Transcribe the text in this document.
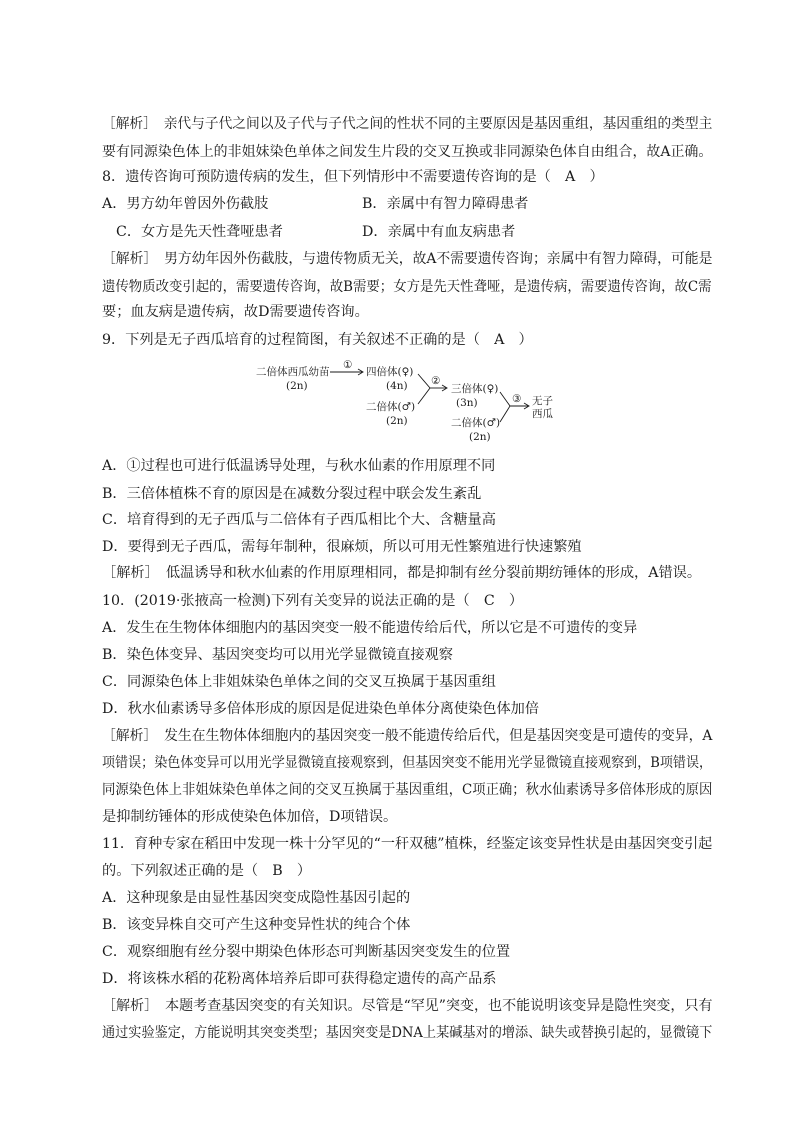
［解析］　亲代与子代之间以及子代与子代之间的性状不同的主要原因是基因重组，基因重组的类型主
要有同源染色体上的非姐妹染色单体之间发生片段的交叉互换或非同源染色体自由组合，故A正确。
8．遗传咨询可预防遗传病的发生，但下列情形中不需要遗传咨询的是（　A　）
A．男方幼年曾因外伤截肢	B．亲属中有智力障碍患者
C．女方是先天性聋哑患者	D．亲属中有血友病患者
［解析］　男方幼年因外伤截肢，与遗传物质无关，故A不需要遗传咨询；亲属中有智力障碍，可能是
遗传物质改变引起的，需要遗传咨询，故B需要；女方是先天性聋哑，是遗传病，需要遗传咨询，故C需
要；血友病是遗传病，故D需要遗传咨询。
9．下列是无子西瓜培育的过程简图，有关叙述不正确的是（　A　）
二倍体西瓜幼苗
(2n)
①
四倍体(♀)
(4n)
二倍体(♂)
(2n)
②
三倍体(♀)
(3n)
二倍体(♂)
(2n)
③ 无子
西瓜
A．①过程也可进行低温诱导处理，与秋水仙素的作用原理不同
B．三倍体植株不育的原因是在减数分裂过程中联会发生紊乱
C．培育得到的无子西瓜与二倍体有子西瓜相比个大、含糖量高
D．要得到无子西瓜，需每年制种，很麻烦，所以可用无性繁殖进行快速繁殖
［解析］　低温诱导和秋水仙素的作用原理相同，都是抑制有丝分裂前期纺锤体的形成，A错误。
10．(2019·张掖高一检测)下列有关变异的说法正确的是（　C　）
A．发生在生物体体细胞内的基因突变一般不能遗传给后代，所以它是不可遗传的变异
B．染色体变异、基因突变均可以用光学显微镜直接观察
C．同源染色体上非姐妹染色单体之间的交叉互换属于基因重组
D．秋水仙素诱导多倍体形成的原因是促进染色单体分离使染色体加倍
［解析］　发生在生物体体细胞内的基因突变一般不能遗传给后代，但是基因突变是可遗传的变异，A
项错误；染色体变异可以用光学显微镜直接观察到，但基因突变不能用光学显微镜直接观察到，B项错误，
同源染色体上非姐妹染色单体之间的交叉互换属于基因重组，C项正确；秋水仙素诱导多倍体形成的原因
是抑制纺锤体的形成使染色体加倍，D项错误。
11．育种专家在稻田中发现一株十分罕见的“一秆双穗”植株，经鉴定该变异性状是由基因突变引起
的。下列叙述正确的是（　B　）
A．这种现象是由显性基因突变成隐性基因引起的
B．该变异株自交可产生这种变异性状的纯合个体
C．观察细胞有丝分裂中期染色体形态可判断基因突变发生的位置
D．将该株水稻的花粉离体培养后即可获得稳定遗传的高产品系
［解析］　本题考查基因突变的有关知识。尽管是“罕见”突变，也不能说明该变异是隐性突变，只有
通过实验鉴定，方能说明其突变类型；基因突变是DNA上某碱基对的增添、缺失或替换引起的，显微镜下
